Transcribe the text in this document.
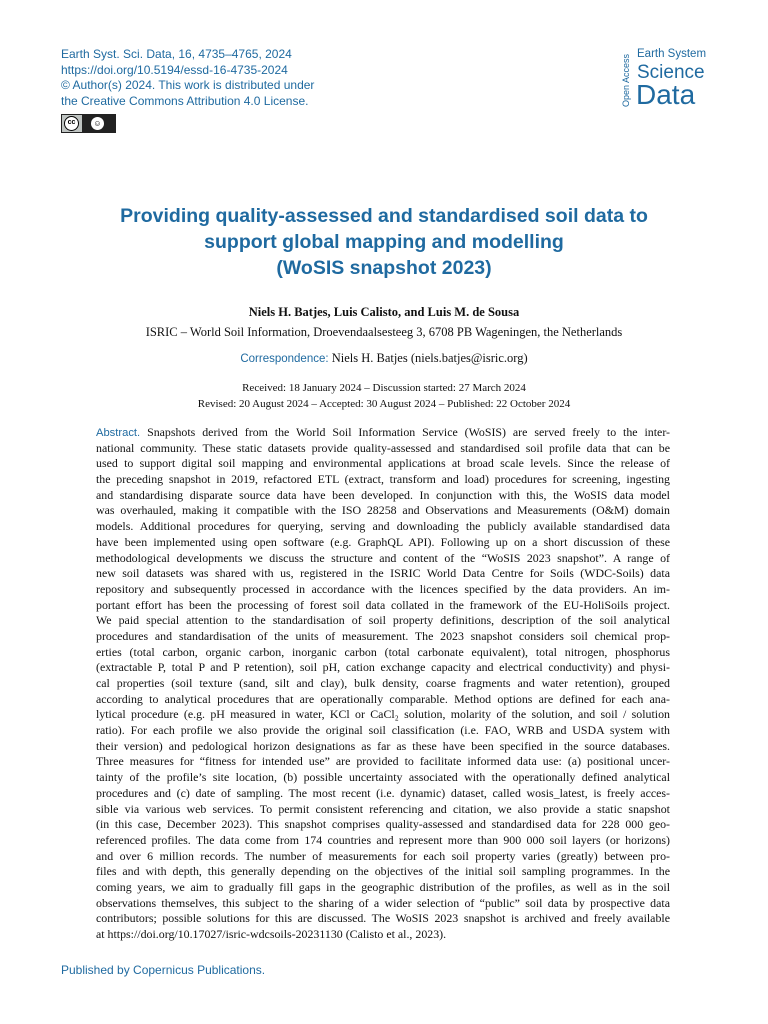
Earth Syst. Sci. Data, 16, 4735–4765, 2024
https://doi.org/10.5194/essd-16-4735-2024
© Author(s) 2024. This work is distributed under
the Creative Commons Attribution 4.0 License.
cc	☺
Open Access Earth System
Science
Data
Providing quality-assessed and standardised soil data to
support global mapping and modelling
(WoSIS snapshot 2023)
Niels H. Batjes, Luis Calisto, and Luis M. de Sousa
ISRIC – World Soil Information, Droevendaalsesteeg 3, 6708 PB Wageningen, the Netherlands
Correspondence: Niels H. Batjes (niels.batjes@isric.org)
Received: 18 January 2024 – Discussion started: 27 March 2024
Revised: 20 August 2024 – Accepted: 30 August 2024 – Published: 22 October 2024
Abstract. Snapshots derived from the World Soil Information Service (WoSIS) are served freely to the inter-
national community. These static datasets provide quality-assessed and standardised soil profile data that can be
used to support digital soil mapping and environmental applications at broad scale levels. Since the release of
the preceding snapshot in 2019, refactored ETL (extract, transform and load) procedures for screening, ingesting
and standardising disparate source data have been developed. In conjunction with this, the WoSIS data model
was overhauled, making it compatible with the ISO 28258 and Observations and Measurements (O&M) domain
models. Additional procedures for querying, serving and downloading the publicly available standardised data
have been implemented using open software (e.g. GraphQL API). Following up on a short discussion of these
methodological developments we discuss the structure and content of the “WoSIS 2023 snapshot”. A range of
new soil datasets was shared with us, registered in the ISRIC World Data Centre for Soils (WDC-Soils) data
repository and subsequently processed in accordance with the licences specified by the data providers. An im-
portant effort has been the processing of forest soil data collated in the framework of the EU-HoliSoils project.
We paid special attention to the standardisation of soil property definitions, description of the soil analytical
procedures and standardisation of the units of measurement. The 2023 snapshot considers soil chemical prop-
erties (total carbon, organic carbon, inorganic carbon (total carbonate equivalent), total nitrogen, phosphorus
(extractable P, total P and P retention), soil pH, cation exchange capacity and electrical conductivity) and physi-
cal properties (soil texture (sand, silt and clay), bulk density, coarse fragments and water retention), grouped
according to analytical procedures that are operationally comparable. Method options are defined for each ana-
lytical procedure (e.g. pH measured in water, KCl or CaCl₂ solution, molarity of the solution, and soil / solution
ratio). For each profile we also provide the original soil classification (i.e. FAO, WRB and USDA system with
their version) and pedological horizon designations as far as these have been specified in the source databases.
Three measures for “fitness for intended use” are provided to facilitate informed data use: (a) positional uncer-
tainty of the profile’s site location, (b) possible uncertainty associated with the operationally defined analytical
procedures and (c) date of sampling. The most recent (i.e. dynamic) dataset, called wosis_latest, is freely acces-
sible via various web services. To permit consistent referencing and citation, we also provide a static snapshot
(in this case, December 2023). This snapshot comprises quality-assessed and standardised data for 228 000 geo-
referenced profiles. The data come from 174 countries and represent more than 900 000 soil layers (or horizons)
and over 6 million records. The number of measurements for each soil property varies (greatly) between pro-
files and with depth, this generally depending on the objectives of the initial soil sampling programmes. In the
coming years, we aim to gradually fill gaps in the geographic distribution of the profiles, as well as in the soil
observations themselves, this subject to the sharing of a wider selection of “public” soil data by prospective data
contributors; possible solutions for this are discussed. The WoSIS 2023 snapshot is archived and freely available
at https://doi.org/10.17027/isric-wdcsoils-20231130 (Calisto et al., 2023).
Published by Copernicus Publications.
